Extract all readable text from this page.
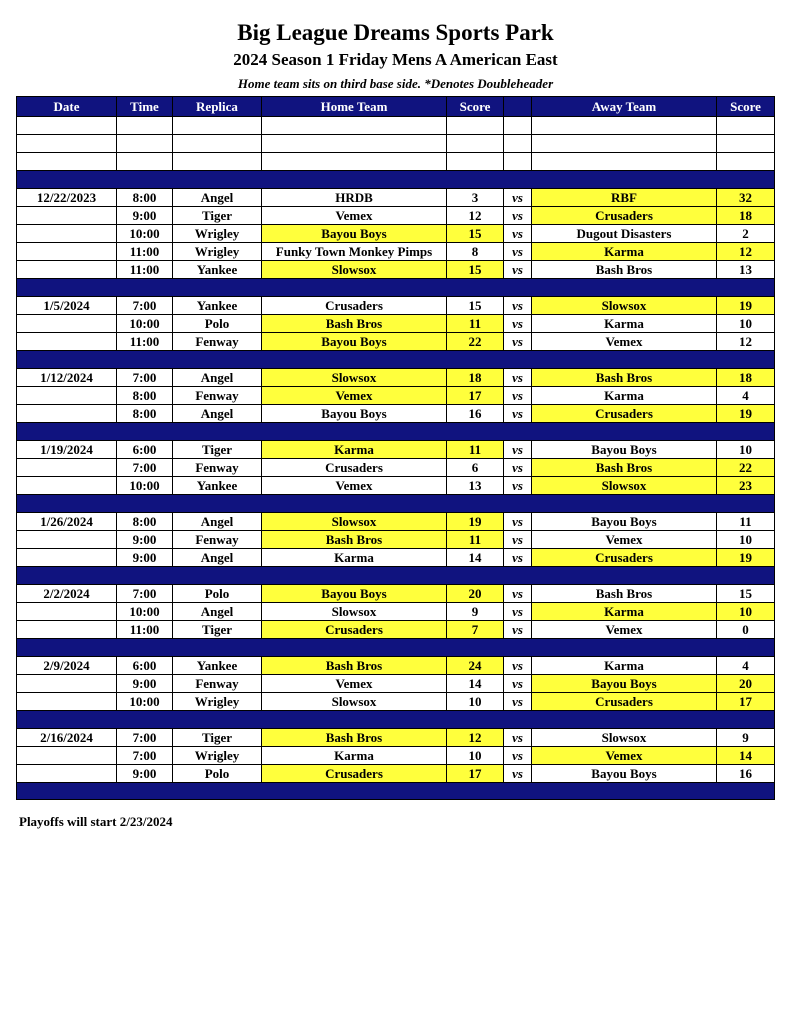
Big League Dreams Sports Park
2024 Season 1 Friday Mens A American East
Home team sits on third base side. *Denotes Doubleheader
Date	Time	Replica	Home Team	Score		Away Team	Score

12/22/2023	8:00	Angel	HRDB	3	vs	RBF	32
	9:00	Tiger	Vemex	12	vs	Crusaders	18
	10:00	Wrigley	Bayou Boys	15	vs	Dugout Disasters	2
	11:00	Wrigley	Funky Town Monkey Pimps	8	vs	Karma	12
	11:00	Yankee	Slowsox	15	vs	Bash Bros	13

1/5/2024	7:00	Yankee	Crusaders	15	vs	Slowsox	19
	10:00	Polo	Bash Bros	11	vs	Karma	10
	11:00	Fenway	Bayou Boys	22	vs	Vemex	12

1/12/2024	7:00	Angel	Slowsox	18	vs	Bash Bros	18
	8:00	Fenway	Vemex	17	vs	Karma	4
	8:00	Angel	Bayou Boys	16	vs	Crusaders	19

1/19/2024	6:00	Tiger	Karma	11	vs	Bayou Boys	10
	7:00	Fenway	Crusaders	6	vs	Bash Bros	22
	10:00	Yankee	Vemex	13	vs	Slowsox	23

1/26/2024	8:00	Angel	Slowsox	19	vs	Bayou Boys	11
	9:00	Fenway	Bash Bros	11	vs	Vemex	10
	9:00	Angel	Karma	14	vs	Crusaders	19

2/2/2024	7:00	Polo	Bayou Boys	20	vs	Bash Bros	15
	10:00	Angel	Slowsox	9	vs	Karma	10
	11:00	Tiger	Crusaders	7	vs	Vemex	0

2/9/2024	6:00	Yankee	Bash Bros	24	vs	Karma	4
	9:00	Fenway	Vemex	14	vs	Bayou Boys	20
	10:00	Wrigley	Slowsox	10	vs	Crusaders	17

2/16/2024	7:00	Tiger	Bash Bros	12	vs	Slowsox	9
	7:00	Wrigley	Karma	10	vs	Vemex	14
	9:00	Polo	Crusaders	17	vs	Bayou Boys	16

Playoffs will start 2/23/2024
